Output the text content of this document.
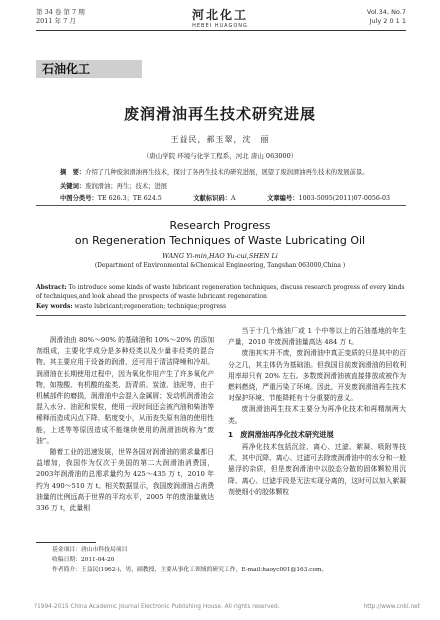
第 34 卷 第 7 期
2011 年 7 月	河北化工
HEBEI HUAGONG
Vol.34, No.7
July 2 0 1 1
石油化工
废润滑油再生技术研究进展
王益民，郝玉翠，沈　丽
（唐山学院 环境与化学工程系，河北 唐山 063000）
摘　要：介绍了几种废润滑油再生技术，探讨了各再生技术的研究进展，展望了废润滑油再生技术的发展前景。
关键词：废润滑油；再生；技术；进展
中图分类号：TE 626.3；TE 624.5	文献标识码：A	文章编号：1003-5095(2011)07-0056-03
Research Progress
on Regeneration Techniques of Waste Lubricating Oil
WANG Yi-min,HAO Yu-cui,SHEN Li
(Department of Environmental &Chemical Engineering, Tangshan 063000,China )
Abstract: To introduce some kinds of waste lubricant regeneration techniques, discuss research progress of every kinds of techniques,and look ahead the prospects of waste lubricant regeneration
Key words: waste lubricant;regeneration; technique;progress

润滑油由 80%～90% 的基础油和 10%～20% 的添加剂组成，主要化学成分是多种烃类以及少量非烃类的混合物。其主要应用于设备的润滑，还可用于清洁降噪和冷却。润滑油在长期使用过程中，因为氧化作用产生了许多氧化产物，如羧酸、有机酸的盐类、沥青质、炭渣、油泥等，由于机械部件的磨损，润滑油中会混入金属屑；发动机润滑油会混入水分、油泥和炭粒，使用一段时间还会被汽油和柴油等稀释而造成闪点下降、粘度变小，从而丧失原有油的使用性能，上述等等原因造成不能继续使用的润滑油统称为“废油”。

随着工业的迅速发展，世界各国对润滑油的需求量都日益增加，我国作为仅次于美国的第二大润滑油消费国，2003年润滑油的总需求量约为 425～435 万 t，2010 年约为 490～510 万 t。相关数据显示，我国废润滑油占消费油量的比例远高于世界的平均水平，2005 年的废油量就达 336 万 t，此量相

当于十几个炼油厂或 1 个中等以上的石油基地的年生产量，2010 年废润滑油量高达 484 万 t。

废油其实并不废，废润滑油中真正变质的只是其中的百分之几，其主体仍为基础油。但我国目前废润滑油的回收利用率却只有 20% 左右。多数废润滑油被直接排放或被作为燃料燃烧，严重污染了环境。因此，开发废润滑油再生技术对保护环境、节能降耗有十分重要的意义。

废润滑油再生技术主要分为再净化技术和再精制两大类。

1　废润滑油再净化技术研究进展

再净化技术包括沉淀、离心、过滤、絮凝、吸附等技术，其中沉降、离心、过滤可去除废润滑油中的水分和一般悬浮的杂质，但是废润滑油中以胶态分散的固体颗粒用沉降、离心、过滤手段是无法实现分离的，这时可以加入絮凝剂使细小的胶体颗粒

基金项目：唐山市科技局项目
收稿日期：2011-04-20
作者简介：王益民(1962-)，男，副教授，主要从事化工领域的研究工作，E-mail:haoyc001@163.com。
?1994-2015 China Academic Journal Electronic Publishing House. All rights reserved.	http://www.cnki.net
